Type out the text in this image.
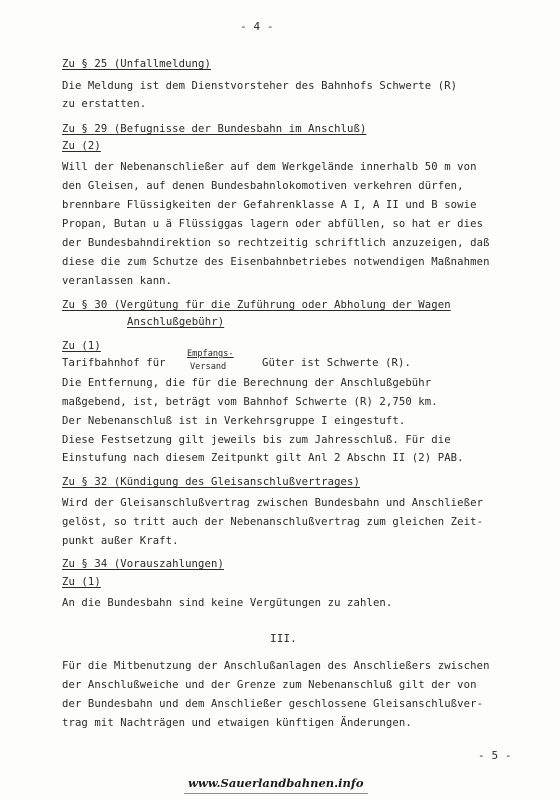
- 4 -
Zu § 25 (Unfallmeldung)
Die Meldung ist dem Dienstvorsteher des Bahnhofs Schwerte (R)
zu erstatten.
Zu § 29 (Befugnisse der Bundesbahn im Anschluß)
Zu (2)
Will der Nebenanschließer auf dem Werkgelände innerhalb 50 m von
den Gleisen, auf denen Bundesbahnlokomotiven verkehren dürfen,
brennbare Flüssigkeiten der Gefahrenklasse A I, A II und B sowie
Propan, Butan u ä Flüssiggas lagern oder abfüllen, so hat er dies
der Bundesbahndirektion so rechtzeitig schriftlich anzuzeigen, daß
diese die zum Schutze des Eisenbahnbetriebes notwendigen Maßnahmen
veranlassen kann.
Zu § 30 (Vergütung für die Zuführung oder Abholung der Wagen
Anschlußgebühr)
Zu (1)
Tarifbahnhof für
Empfangs-
Versand	Güter ist Schwerte (R).
Die Entfernung, die für die Berechnung der Anschlußgebühr
maßgebend, ist, beträgt vom Bahnhof Schwerte (R) 2,750 km.
Der Nebenanschluß ist in Verkehrsgruppe I eingestuft.
Diese Festsetzung gilt jeweils bis zum Jahresschluß. Für die
Einstufung nach diesem Zeitpunkt gilt Anl 2 Abschn II (2) PAB.
Zu § 32 (Kündigung des Gleisanschlußvertrages)
Wird der Gleisanschlußvertrag zwischen Bundesbahn und Anschließer
gelöst, so tritt auch der Nebenanschlußvertrag zum gleichen Zeit-
punkt außer Kraft.
Zu § 34 (Vorauszahlungen)
Zu (1)
An die Bundesbahn sind keine Vergütungen zu zahlen.
III.
Für die Mitbenutzung der Anschlußanlagen des Anschließers zwischen
der Anschlußweiche und der Grenze zum Nebenanschluß gilt der von
der Bundesbahn und dem Anschließer geschlossene Gleisanschlußver-
trag mit Nachträgen und etwaigen künftigen Änderungen.
- 5 -
www.Sauerlandbahnen.info
